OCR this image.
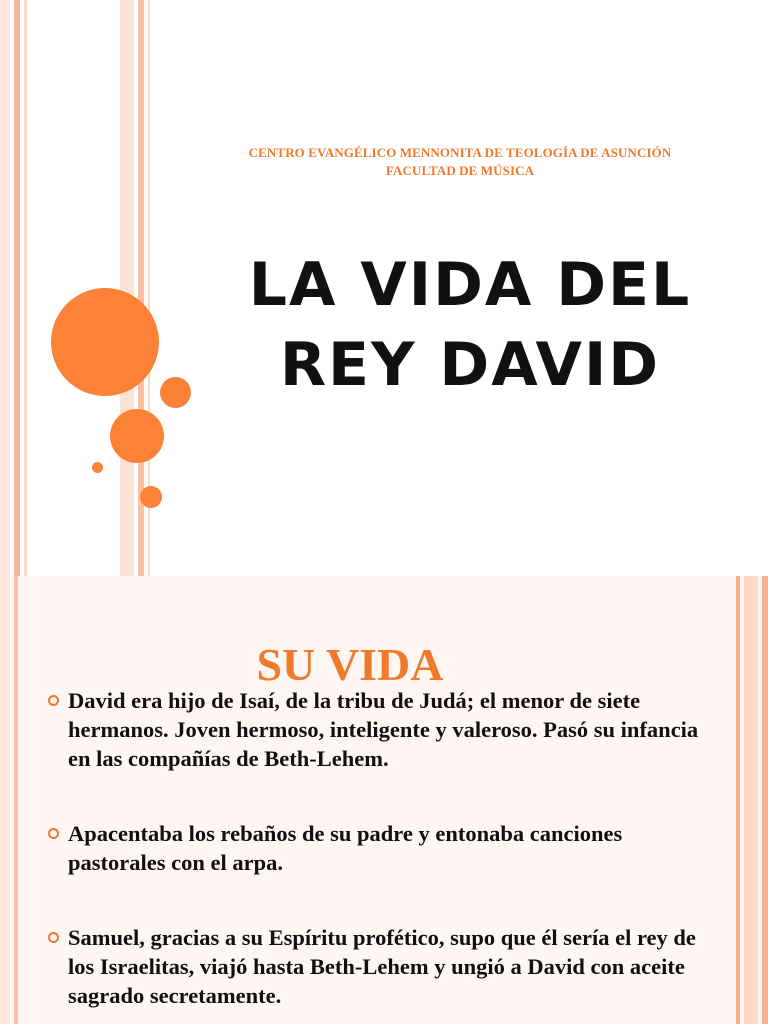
CENTRO EVANGÉLICO MENNONITA DE TEOLOGÍA DE ASUNCIÓN
FACULTAD DE MÚSICA
LA VIDA DEL
REY DAVID
SU VIDA
David era hijo de Isaí, de la tribu de Judá; el menor de siete hermanos. Joven hermoso, inteligente y valeroso. Pasó su infancia en las compañías de Beth-Lehem.
Apacentaba los rebaños de su padre y entonaba canciones pastorales con el arpa.
Samuel, gracias a su Espíritu profético, supo que él sería el rey de los Israelitas, viajó hasta Beth-Lehem y ungió a David con aceite sagrado secretamente.
